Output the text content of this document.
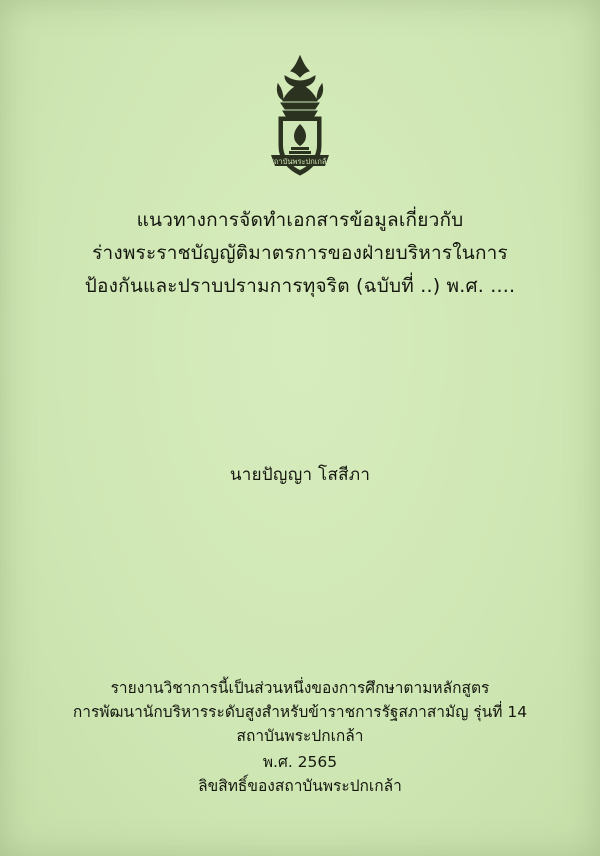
สถาบันพระปกเกล้า
แนวทางการจัดทำเอกสารข้อมูลเกี่ยวกับ
ร่างพระราชบัญญัติมาตรการของฝ่ายบริหารในการ
ป้องกันและปราบปรามการทุจริต (ฉบับที่ ..) พ.ศ. ....
นายปัญญา โสสีภา
รายงานวิชาการนี้เป็นส่วนหนึ่งของการศึกษาตามหลักสูตร
การพัฒนานักบริหารระดับสูงสำหรับข้าราชการรัฐสภาสามัญ รุ่นที่ 14
สถาบันพระปกเกล้า
พ.ศ. 2565
ลิขสิทธิ์ของสถาบันพระปกเกล้า
